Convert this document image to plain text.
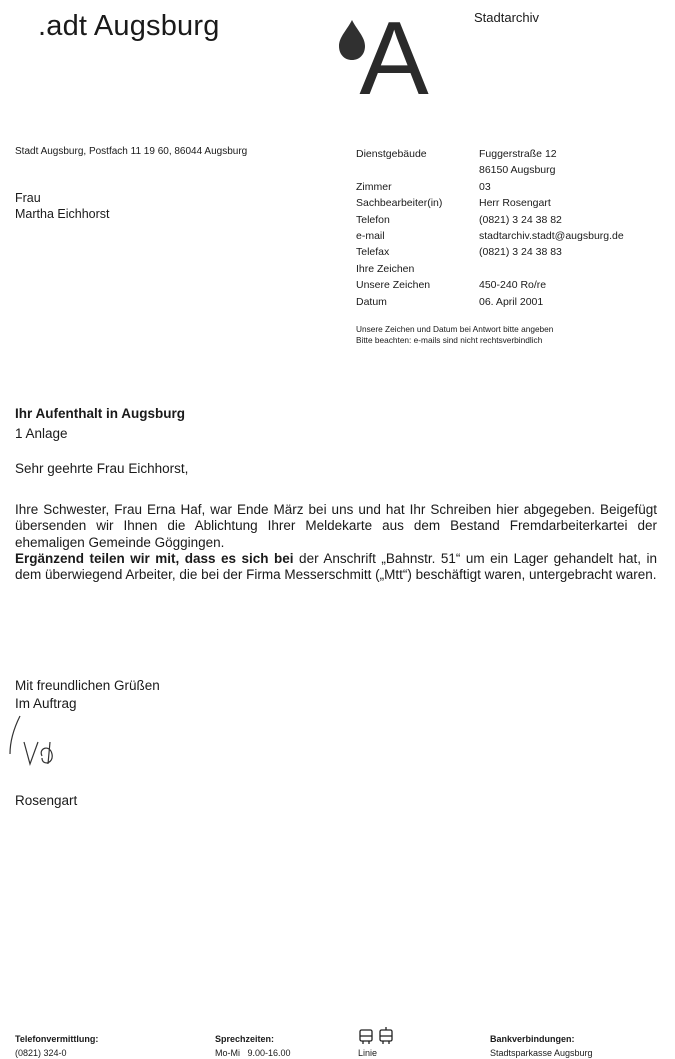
.adt Augsburg A	Stadtarchiv
Stadt Augsburg, Postfach 11 19 60, 86044 Augsburg
Frau
Martha Eichhorst
Dienstgebäude	Fuggerstraße 12
86150 Augsburg
Zimmer	03
Sachbearbeiter(in)	Herr Rosengart
Telefon	(0821) 3 24 38 82
e-mail	stadtarchiv.stadt@augsburg.de
Telefax	(0821) 3 24 38 83
Ihre Zeichen
Unsere Zeichen	450-240 Ro/re
Datum	06. April 2001
Unsere Zeichen und Datum bei Antwort bitte angeben
Bitte beachten: e-mails sind nicht rechtsverbindlich
Ihr Aufenthalt in Augsburg
1 Anlage
Sehr geehrte Frau Eichhorst,

Ihre Schwester, Frau Erna Haf, war Ende März bei uns und hat Ihr Schreiben hier abgegeben. Beigefügt übersenden wir Ihnen die Ablichtung Ihrer Meldekarte aus dem Bestand Fremdarbeiterkartei der ehemaligen Gemeinde Göggingen.

Ergänzend teilen wir mit, dass es sich bei der Anschrift „Bahnstr. 51“ um ein Lager gehandelt hat, in dem überwiegend Arbeiter, die bei der Firma Messerschmitt („Mtt“) beschäftigt waren, untergebracht waren.

Mit freundlichen Grüßen
Im Auftrag
Rosengart
Telefonvermittlung:
(0821) 324-0
Sprechzeiten:
Mo-Mi   9.00-16.00	Linie
Bankverbindungen:
Stadtsparkasse Augsburg
